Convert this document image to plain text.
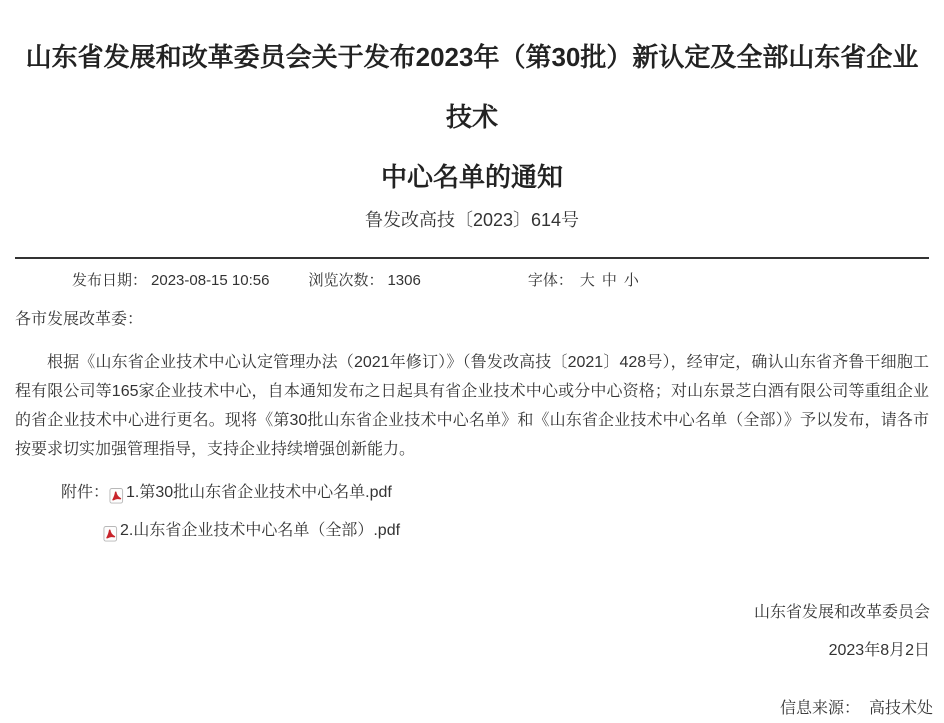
山东省发展和改革委员会关于发布2023年（第30批）新认定及全部山东省企业技术
中心名单的通知
鲁发改高技〔2023〕614号
发布日期： 2023-08-15 10:56	浏览次数： 1306	字体： 大 中 小
各市发展改革委：

根据《山东省企业技术中心认定管理办法（2021年修订）》（鲁发改高技〔2021〕428号），经审定，确认山东省齐鲁干细胞工程有限公司等165家企业技术中心，自本通知发布之日起具有省企业技术中心或分中心资格；对山东景芝白酒有限公司等重组企业的省企业技术中心进行更名。现将《第30批山东省企业技术中心名单》和《山东省企业技术中心名单（全部）》予以发布，请各市按要求切实加强管理指导，支持企业持续增强创新能力。

附件： 1.第30批山东省企业技术中心名单.pdf
2.山东省企业技术中心名单（全部）.pdf
山东省发展和改革委员会
2023年8月2日
信息来源： 高技术处
